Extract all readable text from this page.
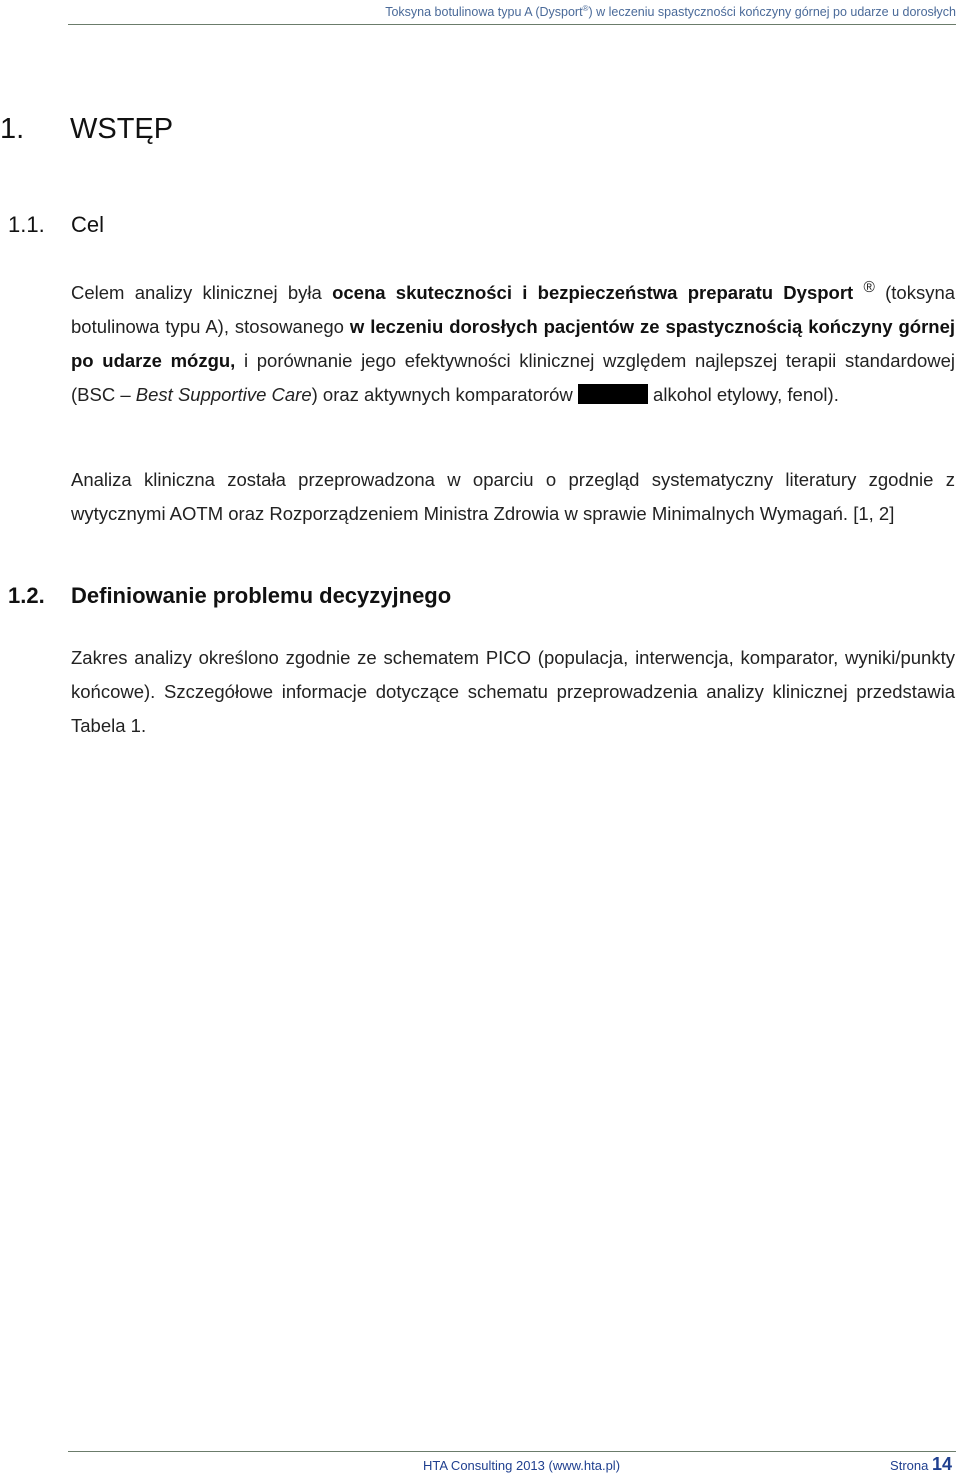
Toksyna botulinowa typu A (Dysport®) w leczeniu spastyczności kończyny górnej po udarze u dorosłych
1. WSTĘP
1.1. Cel
Celem analizy klinicznej była ocena skuteczności i bezpieczeństwa preparatu Dysport ® (toksyna botulinowa typu A), stosowanego w leczeniu dorosłych pacjentów ze spastycznością kończyny górnej po udarze mózgu, i porównanie jego efektywności klinicznej względem najlepszej terapii standardowej (BSC – Best Supportive Care) oraz aktywnych komparatorów	alkohol etylowy, fenol).
Analiza kliniczna została przeprowadzona w oparciu o przegląd systematyczny literatury zgodnie z wytycznymi AOTM oraz Rozporządzeniem Ministra Zdrowia w sprawie Minimalnych Wymagań. [1, 2]
1.2. Definiowanie problemu decyzyjnego
Zakres analizy określono zgodnie ze schematem PICO (populacja, interwencja, komparator, wyniki/punkty końcowe). Szczegółowe informacje dotyczące schematu przeprowadzenia analizy klinicznej przedstawia Tabela 1.
HTA Consulting 2013 (www.hta.pl)	Strona 14
